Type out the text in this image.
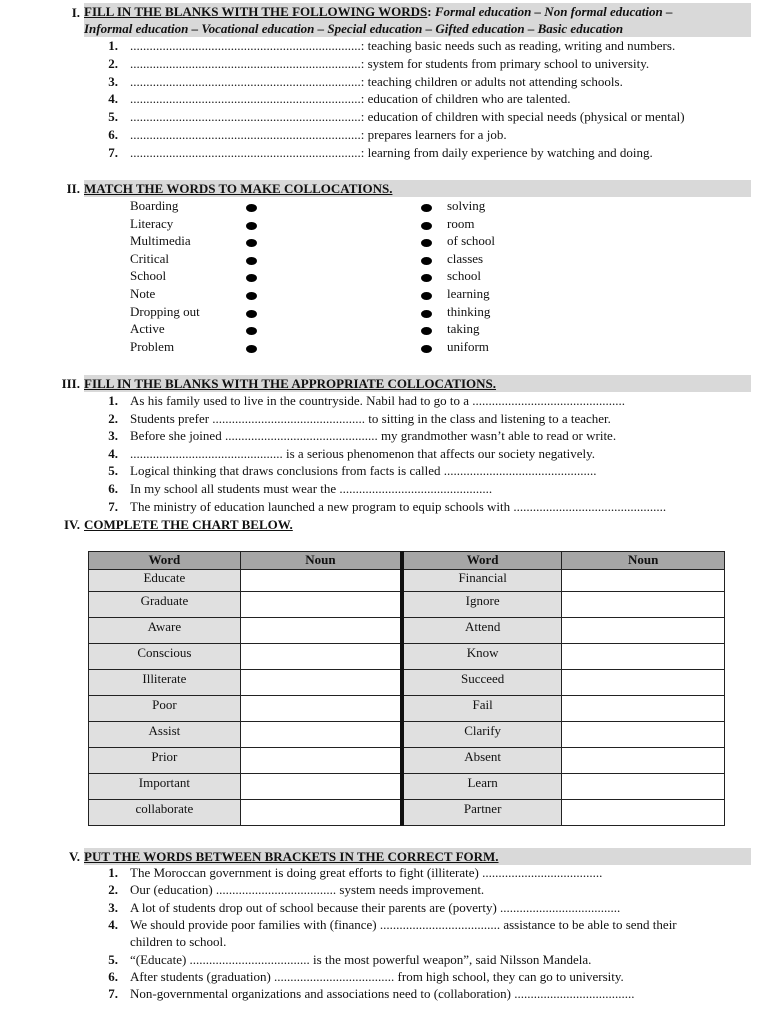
I. FILL IN THE BLANKS WITH THE FOLLOWING WORDS: Formal education – Non formal education –
Informal education – Vocational education – Special education – Gifted education – Basic education
1. .......................................................................: teaching basic needs such as reading, writing and numbers.
2. .......................................................................: system for students from primary school to university.
3. .......................................................................: teaching children or adults not attending schools.
4. .......................................................................: education of children who are talented.
5. .......................................................................: education of children with special needs (physical or mental)
6. .......................................................................: prepares learners for a job.
7. .......................................................................: learning from daily experience by watching and doing.
II. MATCH THE WORDS TO MAKE COLLOCATIONS.
Boarding	solving
Literacy	room
Multimedia	of school
Critical	classes
School	school
Note	learning
Dropping out	thinking
Active	taking
Problem	uniform
III. FILL IN THE BLANKS WITH THE APPROPRIATE COLLOCATIONS.
1. As his family used to live in the countryside. Nabil had to go to a ...............................................
2. Students prefer ............................................... to sitting in the class and listening to a teacher.
3. Before she joined ............................................... my grandmother wasn’t able to read or write.
4. ............................................... is a serious phenomenon that affects our society negatively.
5. Logical thinking that draws conclusions from facts is called ...............................................
6. In my school all students must wear the ...............................................
7. The ministry of education launched a new program to equip schools with ...............................................
IV. COMPLETE THE CHART BELOW.
Word	Noun	Word	Noun
Educate		Financial	
Graduate		Ignore	
Aware		Attend	
Conscious		Know	
Illiterate		Succeed	
Poor		Fail	
Assist		Clarify	
Prior		Absent	
Important		Learn	
collaborate		Partner	
V. PUT THE WORDS BETWEEN BRACKETS IN THE CORRECT FORM.
1. The Moroccan government is doing great efforts to fight (illiterate) .....................................
2. Our (education) ..................................... system needs improvement.
3. A lot of students drop out of school because their parents are (poverty) .....................................
4. We should provide poor families with (finance) ..................................... assistance to be able to send their
children to school.
5. “(Educate) ..................................... is the most powerful weapon”, said Nilsson Mandela.
6. After students (graduation) ..................................... from high school, they can go to university.
7. Non-governmental organizations and associations need to (collaboration) .....................................
